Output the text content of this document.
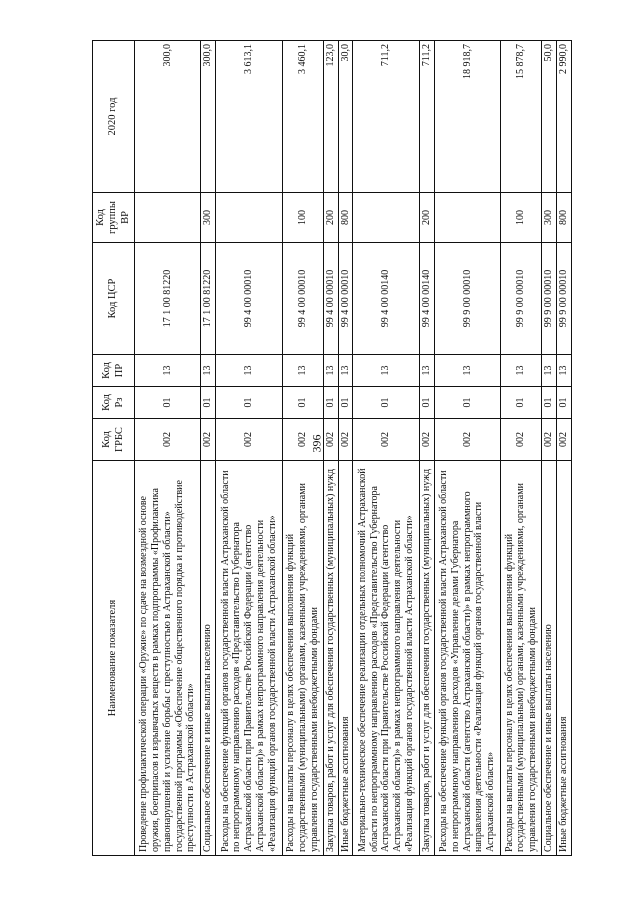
396
Наименование показателя	Код ГРБС	Код Рз	Код ПР	Код ЦСР	Код группы ВР	2020 год
Проведение профилактической операции «Оружие» по сдаче на возмездной основе оружия, боеприпасов и взрывчатых веществ в рамках подпрограммы «Профилактика правонарушений и усиление борьбы с преступностью в Астраханской области» государственной программы «Обеспечение общественного порядка и противодействие преступности в Астраханской области»	002	01	13	17 1 00 81220		300,0
Социальное обеспечение и иные выплаты населению	002	01	13	17 1 00 81220	300	300,0
Расходы на обеспечение функций органов государственной власти Астраханской области по непрограммному направлению расходов «Представительство Губернатора Астраханской области при Правительстве Российской Федерации (агентство Астраханской области)» в рамках непрограммного направления деятельности «Реализация функций органов государственной власти Астраханской области»	002	01	13	99 4 00 00010		3 613,1
Расходы на выплаты персоналу в целях обеспечения выполнения функций государственными (муниципальными) органами, казенными учреждениями, органами управления государственными внебюджетными фондами	002	01	13	99 4 00 00010	100	3 460,1
Закупка товаров, работ и услуг для обеспечения государственных (муниципальных) нужд	002	01	13	99 4 00 00010	200	123,0
Иные бюджетные ассигнования	002	01	13	99 4 00 00010	800	30,0
Материально-техническое обеспечение реализации отдельных полномочий Астраханской области по непрограммному направлению расходов «Представительство Губернатора Астраханской области при Правительстве Российской Федерации (агентство Астраханской области)» в рамках непрограммного направления деятельности «Реализация функций органов государственной власти Астраханской области»	002	01	13	99 4 00 00140		711,2
Закупка товаров, работ и услуг для обеспечения государственных (муниципальных) нужд	002	01	13	99 4 00 00140	200	711,2
Расходы на обеспечение функций органов государственной власти Астраханской области по непрограммному направлению расходов «Управление делами Губернатора Астраханской области (агентство Астраханской области)» в рамках непрограммного направления деятельности «Реализация функций органов государственной власти Астраханской области»	002	01	13	99 9 00 00010		18 918,7
Расходы на выплаты персоналу в целях обеспечения выполнения функций государственными (муниципальными) органами, казенными учреждениями, органами управления государственными внебюджетными фондами	002	01	13	99 9 00 00010	100	15 878,7
Социальное обеспечение и иные выплаты населению	002	01	13	99 9 00 00010	300	50,0
Иные бюджетные ассигнования	002	01	13	99 9 00 00010	800	2 990,0
